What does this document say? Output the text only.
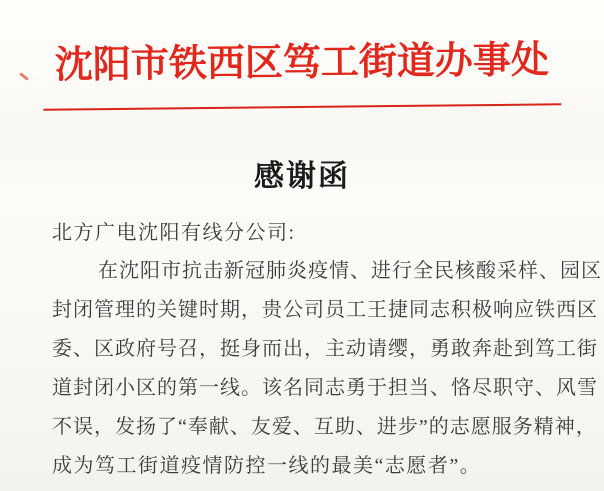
沈阳市铁西区笃工街道办事处
感谢函
北方广电沈阳有线分公司:
在沈阳市抗击新冠肺炎疫情、进行全民核酸采样、园区
封闭管理的关键时期，贵公司员工王捷同志积极响应铁西区
委、区政府号召，挺身而出，主动请缨，勇敢奔赴到笃工街
道封闭小区的第一线。该名同志勇于担当、恪尽职守、风雪
不误，发扬了“奉献、友爱、互助、进步”的志愿服务精神，
成为笃工街道疫情防控一线的最美“志愿者”。
